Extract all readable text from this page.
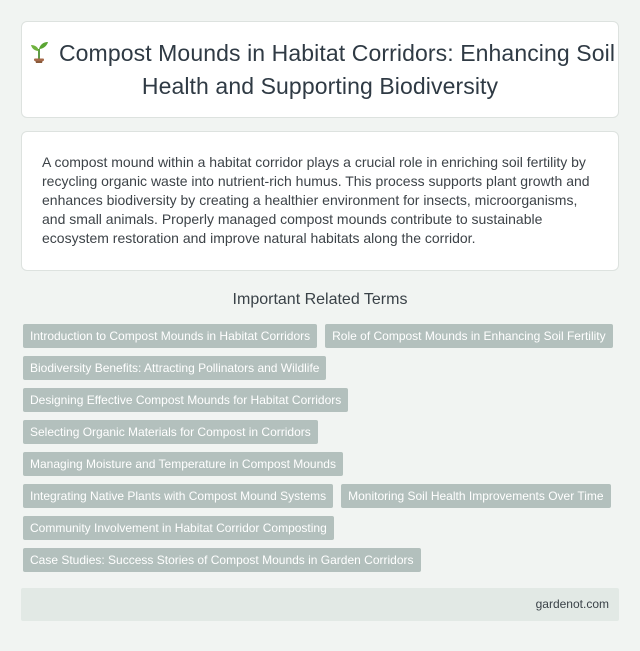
Compost Mounds in Habitat Corridors: Enhancing Soil Health and Supporting Biodiversity

A compost mound within a habitat corridor plays a crucial role in enriching soil fertility by recycling organic waste into nutrient-rich humus. This process supports plant growth and enhances biodiversity by creating a healthier environment for insects, microorganisms, and small animals. Properly managed compost mounds contribute to sustainable ecosystem restoration and improve natural habitats along the corridor.

Important Related Terms
Introduction to Compost Mounds in Habitat Corridors	Role of Compost Mounds in Enhancing Soil Fertility
Biodiversity Benefits: Attracting Pollinators and Wildlife
Designing Effective Compost Mounds for Habitat Corridors
Selecting Organic Materials for Compost in Corridors
Managing Moisture and Temperature in Compost Mounds
Integrating Native Plants with Compost Mound Systems	Monitoring Soil Health Improvements Over Time
Community Involvement in Habitat Corridor Composting
Case Studies: Success Stories of Compost Mounds in Garden Corridors
gardenot.com
